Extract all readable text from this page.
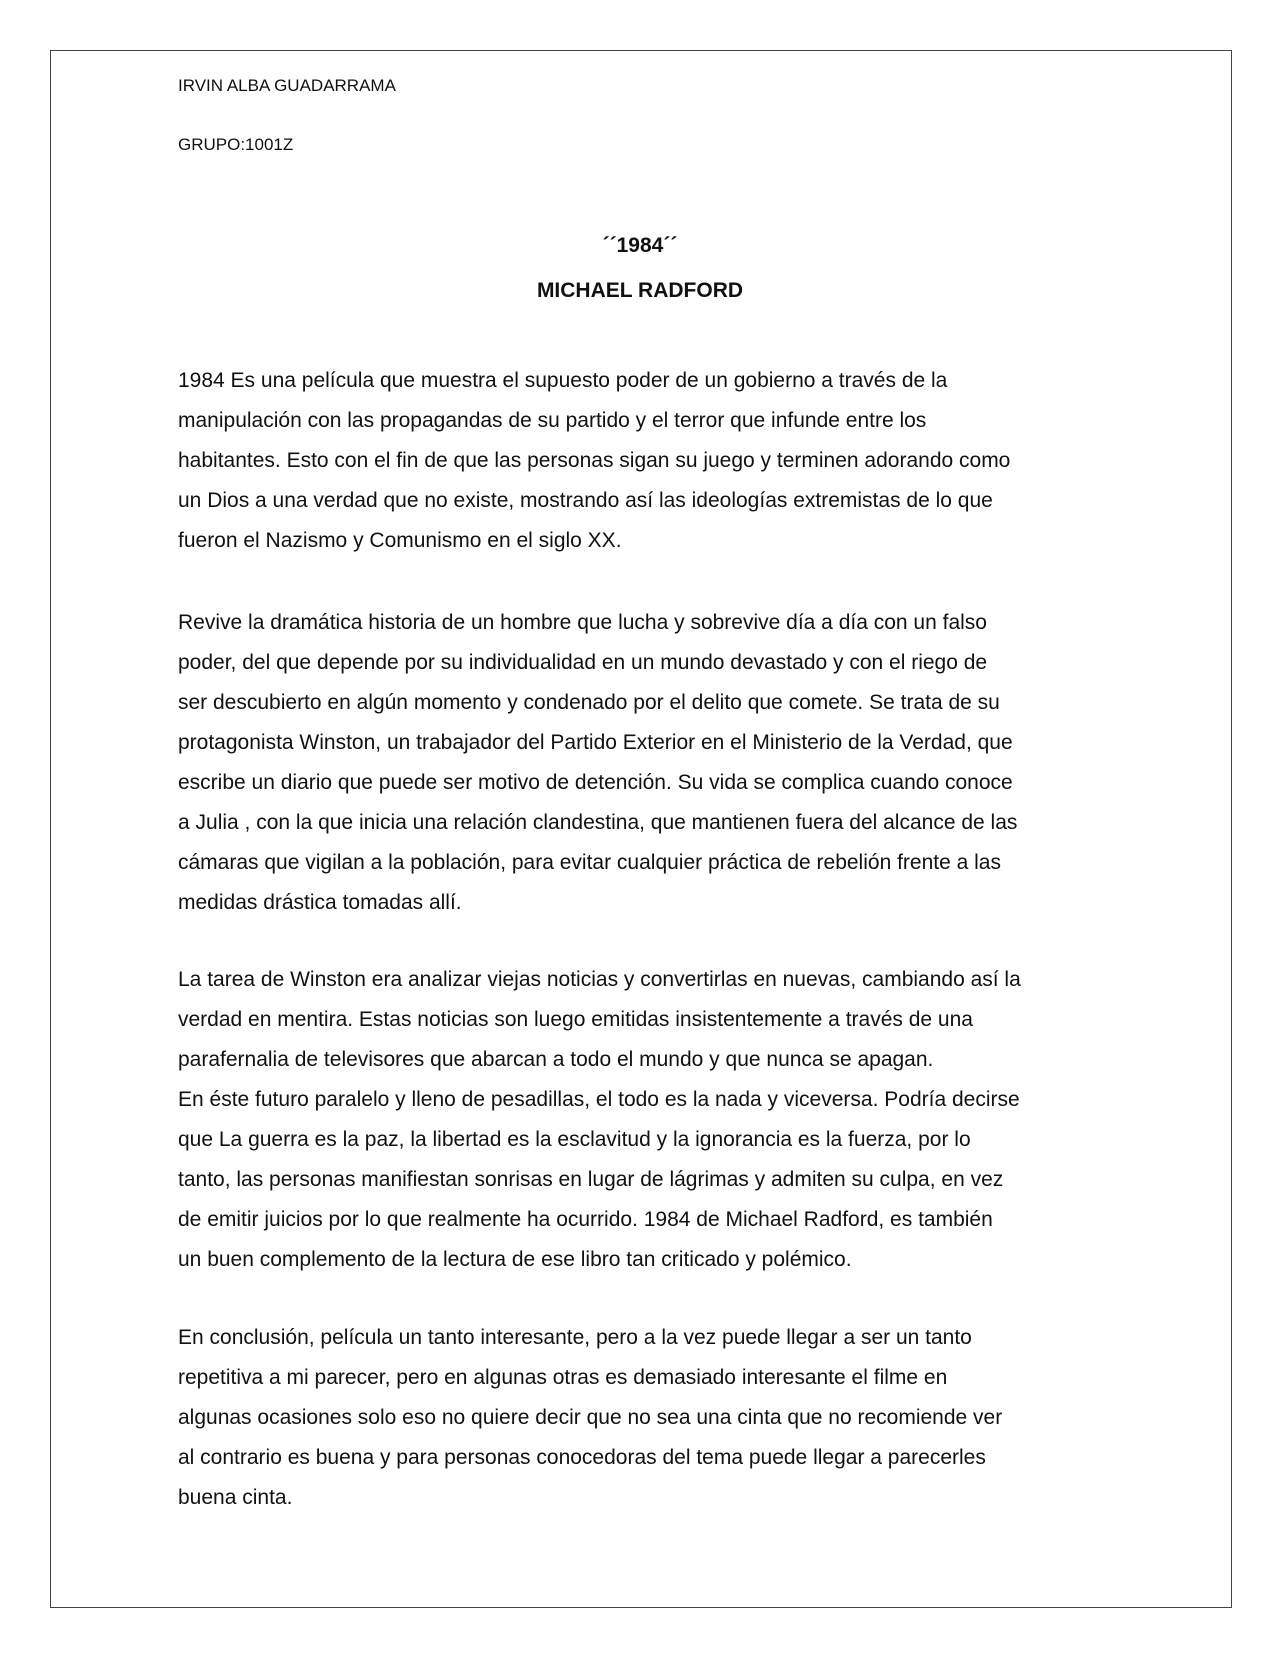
IRVIN ALBA GUADARRAMA
GRUPO:1001Z
´´1984´´
MICHAEL RADFORD
1984 Es una película que muestra el supuesto poder de un gobierno a través de la
manipulación con las propagandas de su partido y el terror que infunde entre los
habitantes. Esto con el fin de que las personas sigan su juego y terminen adorando como
un Dios a una verdad que no existe, mostrando así las ideologías extremistas de lo que
fueron el Nazismo y Comunismo en el siglo XX.
Revive la dramática historia de un hombre que lucha y sobrevive día a día con un falso
poder, del que depende por su individualidad en un mundo devastado y con el riego de
ser descubierto en algún momento y condenado por el delito que comete. Se trata de su
protagonista Winston, un trabajador del Partido Exterior en el Ministerio de la Verdad, que
escribe un diario que puede ser motivo de detención. Su vida se complica cuando conoce
a Julia , con la que inicia una relación clandestina, que mantienen fuera del alcance de las
cámaras que vigilan a la población, para evitar cualquier práctica de rebelión frente a las
medidas drástica tomadas allí.
La tarea de Winston era analizar viejas noticias y convertirlas en nuevas, cambiando así la
verdad en mentira. Estas noticias son luego emitidas insistentemente a través de una
parafernalia de televisores que abarcan a todo el mundo y que nunca se apagan.
En éste futuro paralelo y lleno de pesadillas, el todo es la nada y viceversa. Podría decirse
que La guerra es la paz, la libertad es la esclavitud y la ignorancia es la fuerza, por lo
tanto, las personas manifiestan sonrisas en lugar de lágrimas y admiten su culpa, en vez
de emitir juicios por lo que realmente ha ocurrido. 1984 de Michael Radford, es también
un buen complemento de la lectura de ese libro tan criticado y polémico.
En conclusión, película un tanto interesante, pero a la vez puede llegar a ser un tanto
repetitiva a mi parecer, pero en algunas otras es demasiado interesante el filme en
algunas ocasiones solo eso no quiere decir que no sea una cinta que no recomiende ver
al contrario es buena y para personas conocedoras del tema puede llegar a parecerles
buena cinta.
